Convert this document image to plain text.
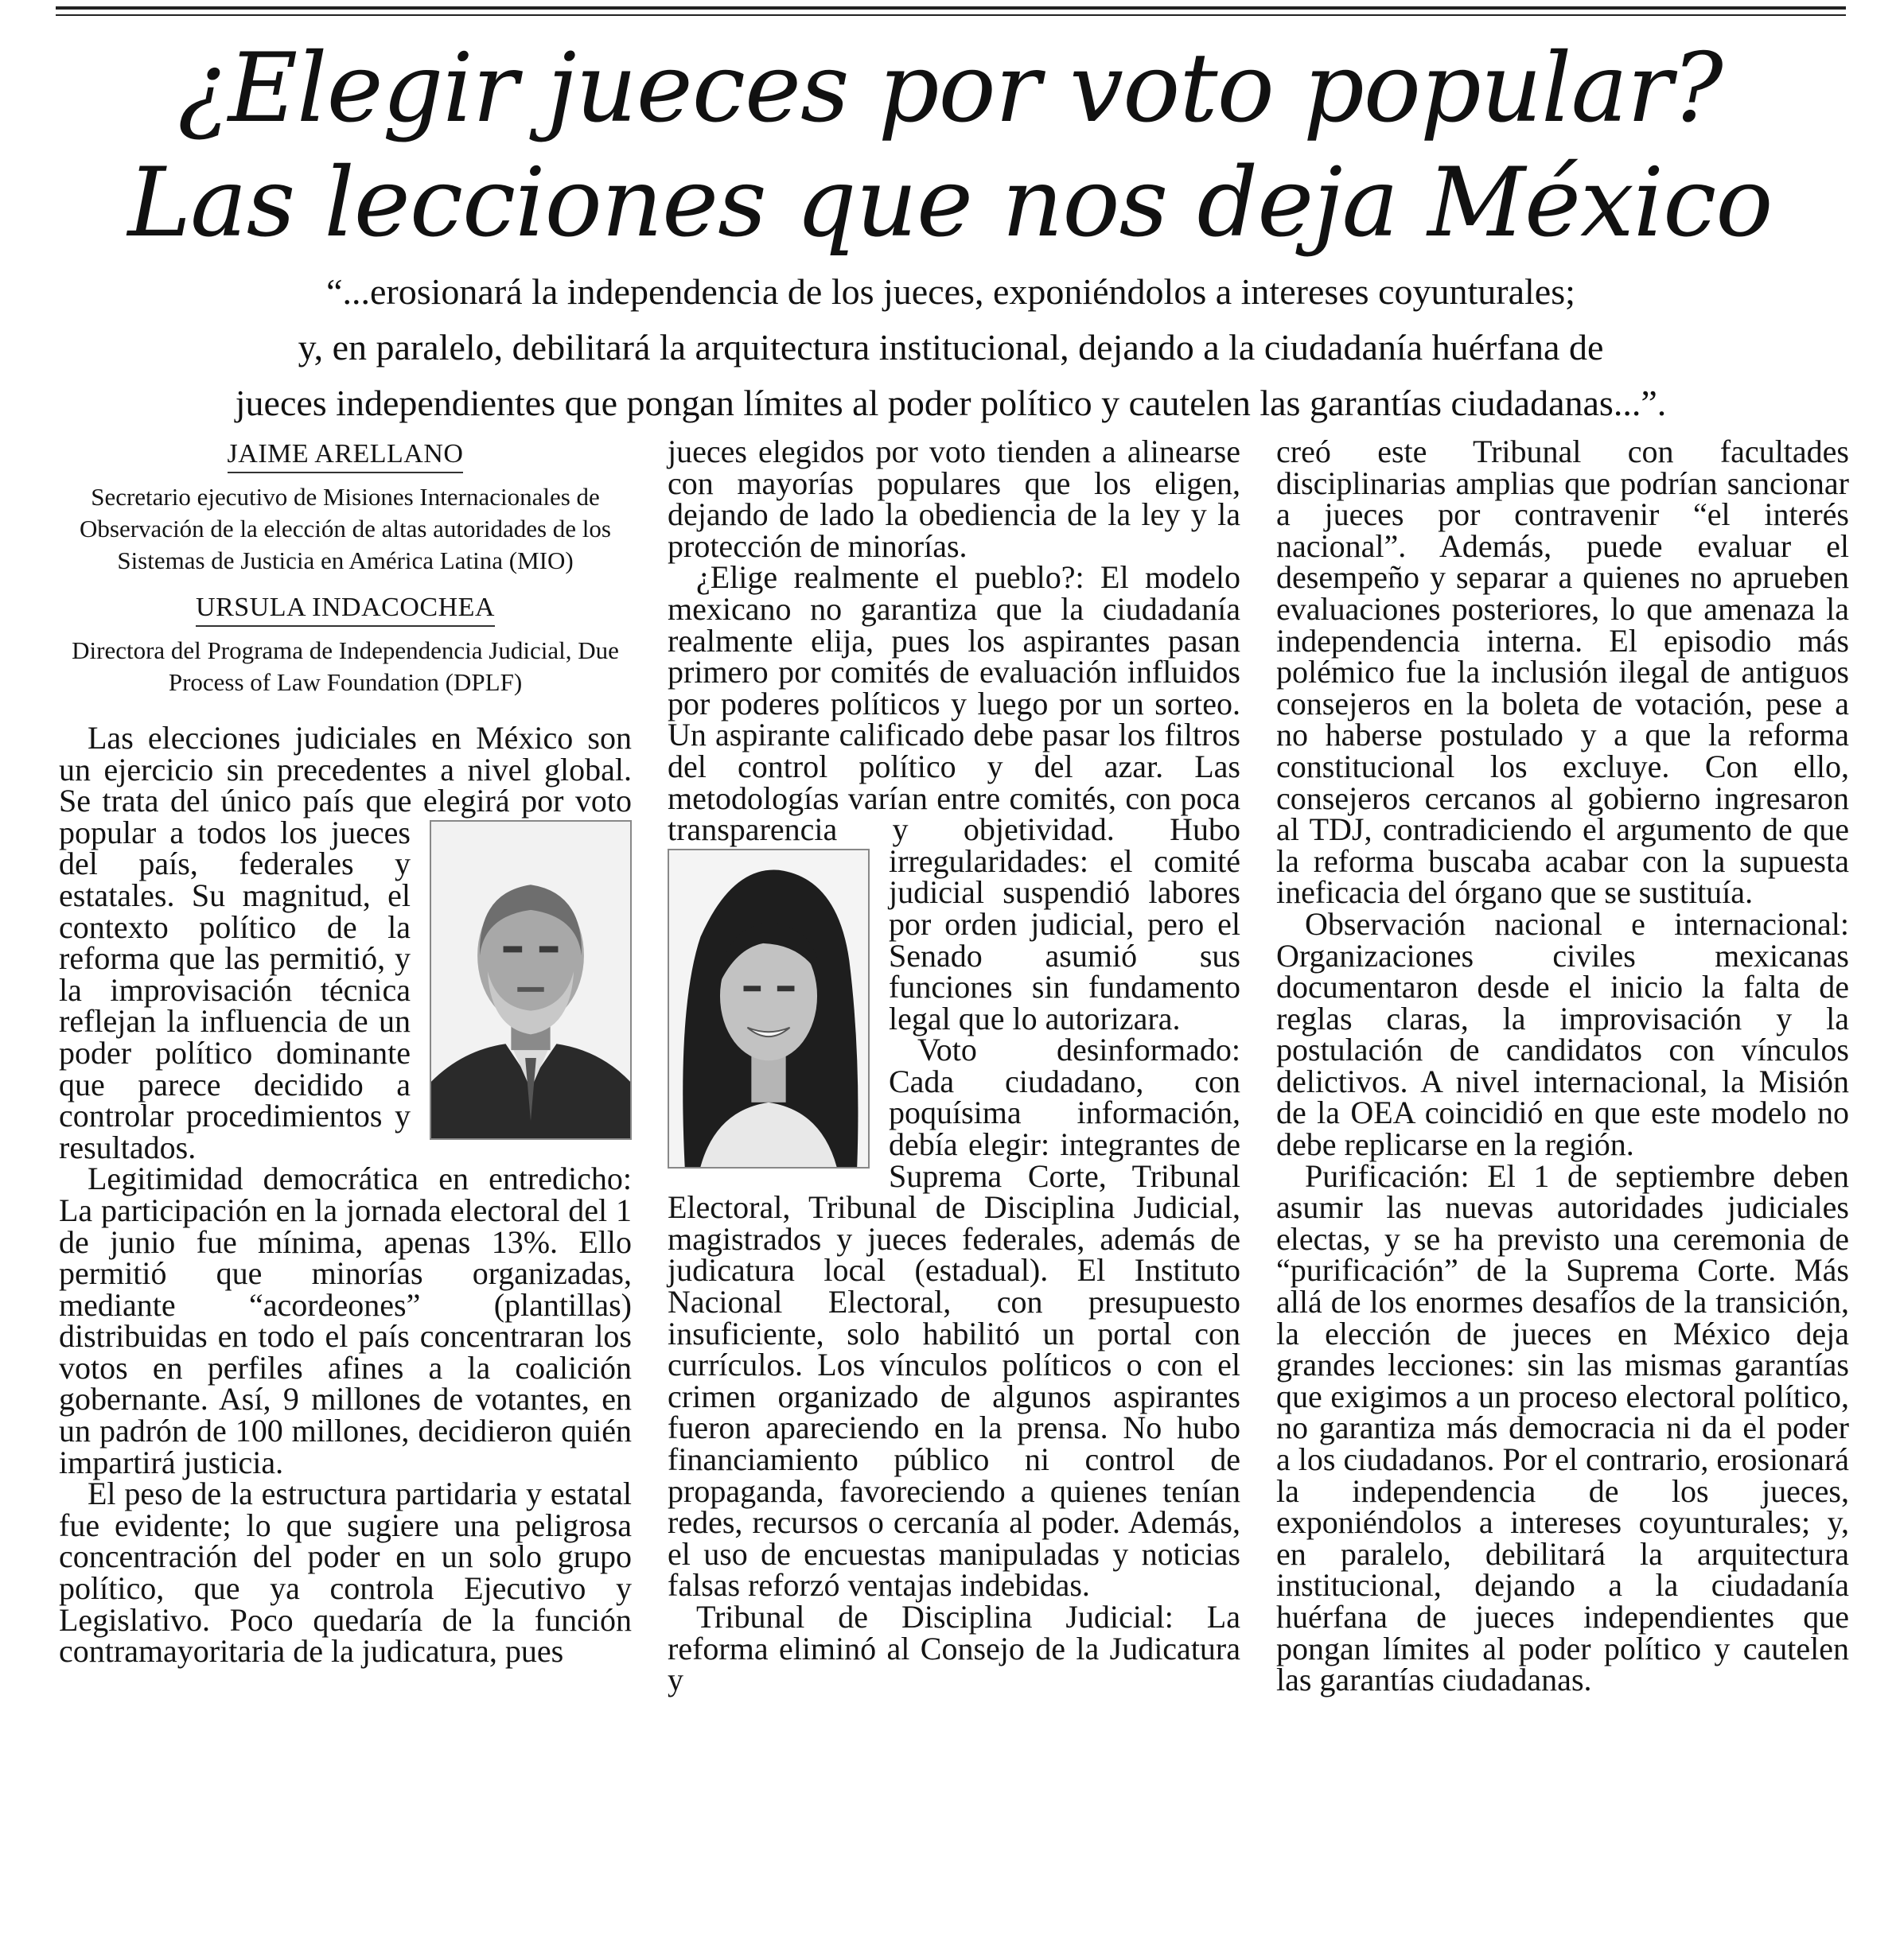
¿Elegir jueces por voto popular?
Las lecciones que nos deja México
“...erosionará la independencia de los jueces, exponiéndolos a intereses coyunturales;
y, en paralelo, debilitará la arquitectura institucional, dejando a la ciudadanía huérfana de
jueces independientes que pongan límites al poder político y cautelen las garantías ciudadanas...”.
JAIME ARELLANO
Secretario ejecutivo de Misiones Internacionales de Observación de la elección de altas autoridades de los Sistemas de Justicia en América Latina (MIO)
URSULA INDACOCHEA
Directora del Programa de Independencia Judicial, Due Process of Law Foundation (DPLF)

Las elecciones judiciales en México son un ejercicio sin precedentes a nivel global. Se trata del único país que elegirá por voto popular a todos los jueces
del país, federales y estatales. Su magnitud, el contexto político de la reforma que las permitió, y la improvisación técnica reflejan la influencia de un poder político dominante que parece decidido a controlar procedimientos y resultados.

Legitimidad democrática en entredicho: La participación en la jornada electoral del 1 de junio fue mínima, apenas 13%. Ello permitió que minorías organizadas, mediante “acordeones” (plantillas) distribuidas en todo el país concentraran los votos en perfiles afines a la coalición gobernante. Así, 9 millones de votantes, en un padrón de 100 millones, decidieron quién impartirá justicia.

El peso de la estructura partidaria y estatal fue evidente; lo que sugiere una peligrosa concentración del poder en un solo grupo político, que ya controla Ejecutivo y Legislativo. Poco quedaría de la función contramayoritaria de la judicatura, pues

jueces elegidos por voto tienden a alinearse con mayorías populares que los eligen, dejando de lado la obediencia de la ley y la protección de minorías.

¿Elige realmente el pueblo?: El modelo mexicano no garantiza que la ciudadanía realmente elija, pues los aspirantes pasan primero por comités de evaluación influidos por poderes políticos y luego por un sorteo. Un aspirante calificado debe pasar los filtros del control político y del azar. Las metodologías varían entre comités, con poca transparencia y objetividad. Hubo
irregularidades: el comité judicial suspendió labores por orden judicial, pero el Senado asumió sus funciones sin fundamento legal que lo autorizara.

Voto desinformado: Cada ciudadano, con poquísima información, debía elegir: integrantes de Suprema Corte, Tribunal Electoral, Tribunal de Disciplina Judicial, magistrados y jueces federales, además de judicatura local (estadual). El Instituto Nacional Electoral, con presupuesto insuficiente, solo habilitó un portal con currículos. Los vínculos políticos o con el crimen organizado de algunos aspirantes fueron apareciendo en la prensa. No hubo financiamiento público ni control de propaganda, favoreciendo a quienes tenían redes, recursos o cercanía al poder. Además, el uso de encuestas manipuladas y noticias falsas reforzó ventajas indebidas.

Tribunal de Disciplina Judicial: La reforma eliminó al Consejo de la Judicatura y

creó este Tribunal con facultades disciplinarias amplias que podrían sancionar a jueces por contravenir “el interés nacional”. Además, puede evaluar el desempeño y separar a quienes no aprueben evaluaciones posteriores, lo que amenaza la independencia interna. El episodio más polémico fue la inclusión ilegal de antiguos consejeros en la boleta de votación, pese a no haberse postulado y a que la reforma constitucional los excluye. Con ello, consejeros cercanos al gobierno ingresaron al TDJ, contradiciendo el argumento de que la reforma buscaba acabar con la supuesta ineficacia del órgano que se sustituía.

Observación nacional e internacional: Organizaciones civiles mexicanas documentaron desde el inicio la falta de reglas claras, la improvisación y la postulación de candidatos con vínculos delictivos. A nivel internacional, la Misión de la OEA coincidió en que este modelo no debe replicarse en la región.

Purificación: El 1 de septiembre deben asumir las nuevas autoridades judiciales electas, y se ha previsto una ceremonia de “purificación” de la Suprema Corte. Más allá de los enormes desafíos de la transición, la elección de jueces en México deja grandes lecciones: sin las mismas garantías que exigimos a un proceso electoral político, no garantiza más democracia ni da el poder a los ciudadanos. Por el contrario, erosionará la independencia de los jueces, exponiéndolos a intereses coyunturales; y, en paralelo, debilitará la arquitectura institucional, dejando a la ciudadanía huérfana de jueces independientes que pongan límites al poder político y cautelen las garantías ciudadanas.
